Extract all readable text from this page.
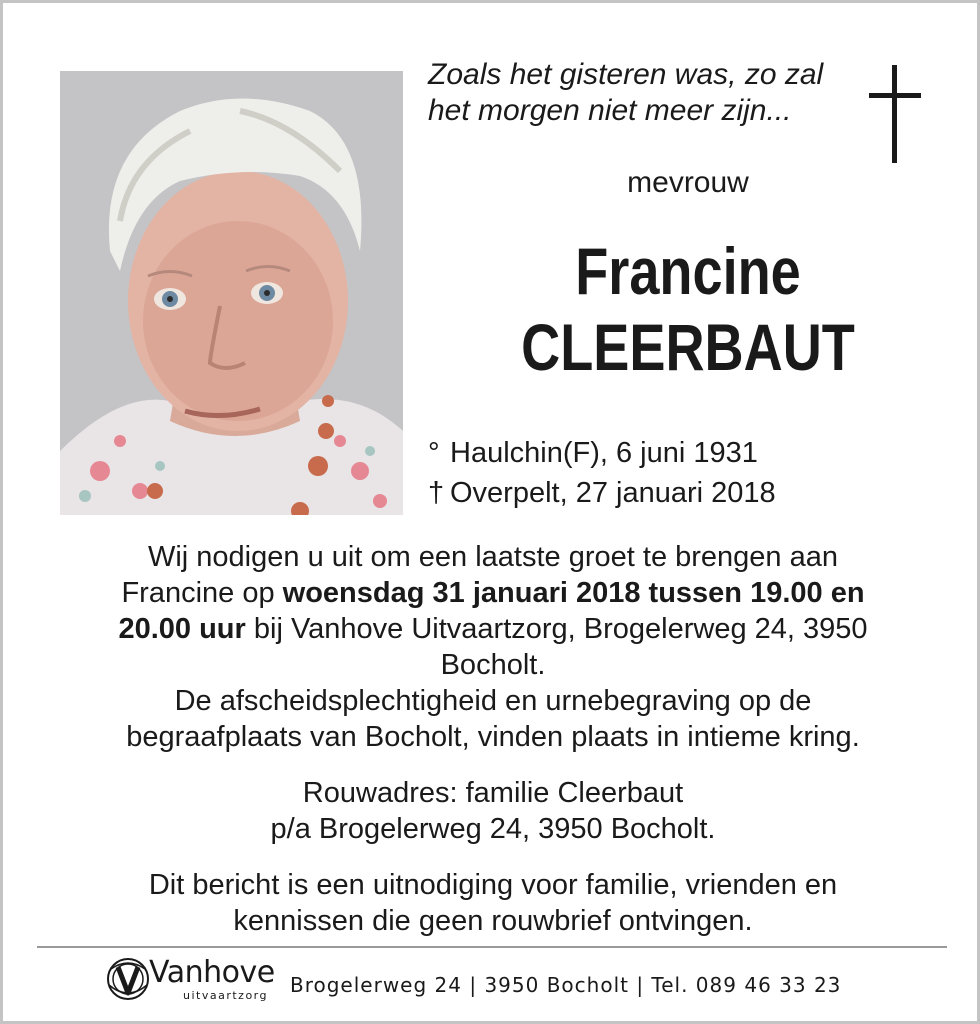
Zoals het gisteren was, zo zal
het morgen niet meer zijn...
mevrouw
Francine
CLEERBAUT
° Haulchin(F), 6 juni 1931
† Overpelt, 27 januari 2018

Wij nodigen u uit om een laatste groet te brengen aan
Francine op woensdag 31 januari 2018 tussen 19.00 en
20.00 uur bij Vanhove Uitvaartzorg, Brogelerweg 24, 3950
Bocholt.
De afscheidsplechtigheid en urnebegraving op de
begraafplaats van Bocholt, vinden plaats in intieme kring.

Rouwadres: familie Cleerbaut
p/a Brogelerweg 24, 3950 Bocholt.

Dit bericht is een uitnodiging voor familie, vrienden en
kennissen die geen rouwbrief ontvingen.

Vanhove
uitvaartzorg Brogelerweg 24 | 3950 Bocholt | Tel. 089 46 33 23
